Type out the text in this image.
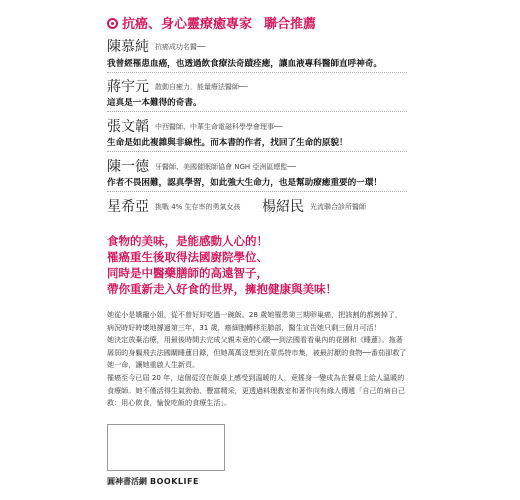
抗癌、身心靈療癒專家 聯合推薦
陳慕純 抗癌成功名醫──
我曾經罹患血癌，也透過飲食療法奇蹟痊癒，讓血液專科醫師直呼神奇。
蔣宇元 散動自癒力．能量療法醫師──
這真是一本難得的奇書。
張文韜 中西醫師、中華生命電磁科學學會理事──
生命是如此複雜與非線性。而本書的作者，找回了生命的原貌！
陳一德 牙醫師、美國催眠師協會 NGH 亞洲區總監──
作者不畏困難，認真學習，如此強大生命力，也是幫助療癒重要的一環！
星希亞 挑戰 4% 生存率的勇氣女孩 楊紹民 光流聯合診所醫師
食物的美味，是能感動人心的！
罹癌重生後取得法國廚院學位、
同時是中醫藥膳師的高遠智子，
帶你重新走入好食的世界，擁抱健康與美味！

她從小是嬌寵小姐，從不曾好好吃過一碗飯。28 歲她罹患第三期卵巢癌，把該割的都割掉了，病況時好時壞地撐過第三年，31 歲，癌細胞轉移至肺部，醫生宣告她只剩三個月可活！

她決定放棄治療，用最後時間去完成父親未竟的心願──到法國看看巢內的花園和《睡蓮》。拖著孱弱的身軀飛去法國關睡蓮目錄，但她萬萬沒想到在蒙馬特市集，被最討厭的食物──番茄卻救了她一命，讓她重啟人生新頁。

罹癌至今已屆 20 年，這個從沒在飯桌上感受到溫暖的人，竟搖身一變成為在餐桌上給人溫暖的食療師。她不僅活得生氣勃勃、豐富精采，更透過料理教室和著作向有緣人傳遞「自己的病自己救：用心飲食，愉悅吃飯的食療生活」。

圓神書活網 BOOKLIFE
